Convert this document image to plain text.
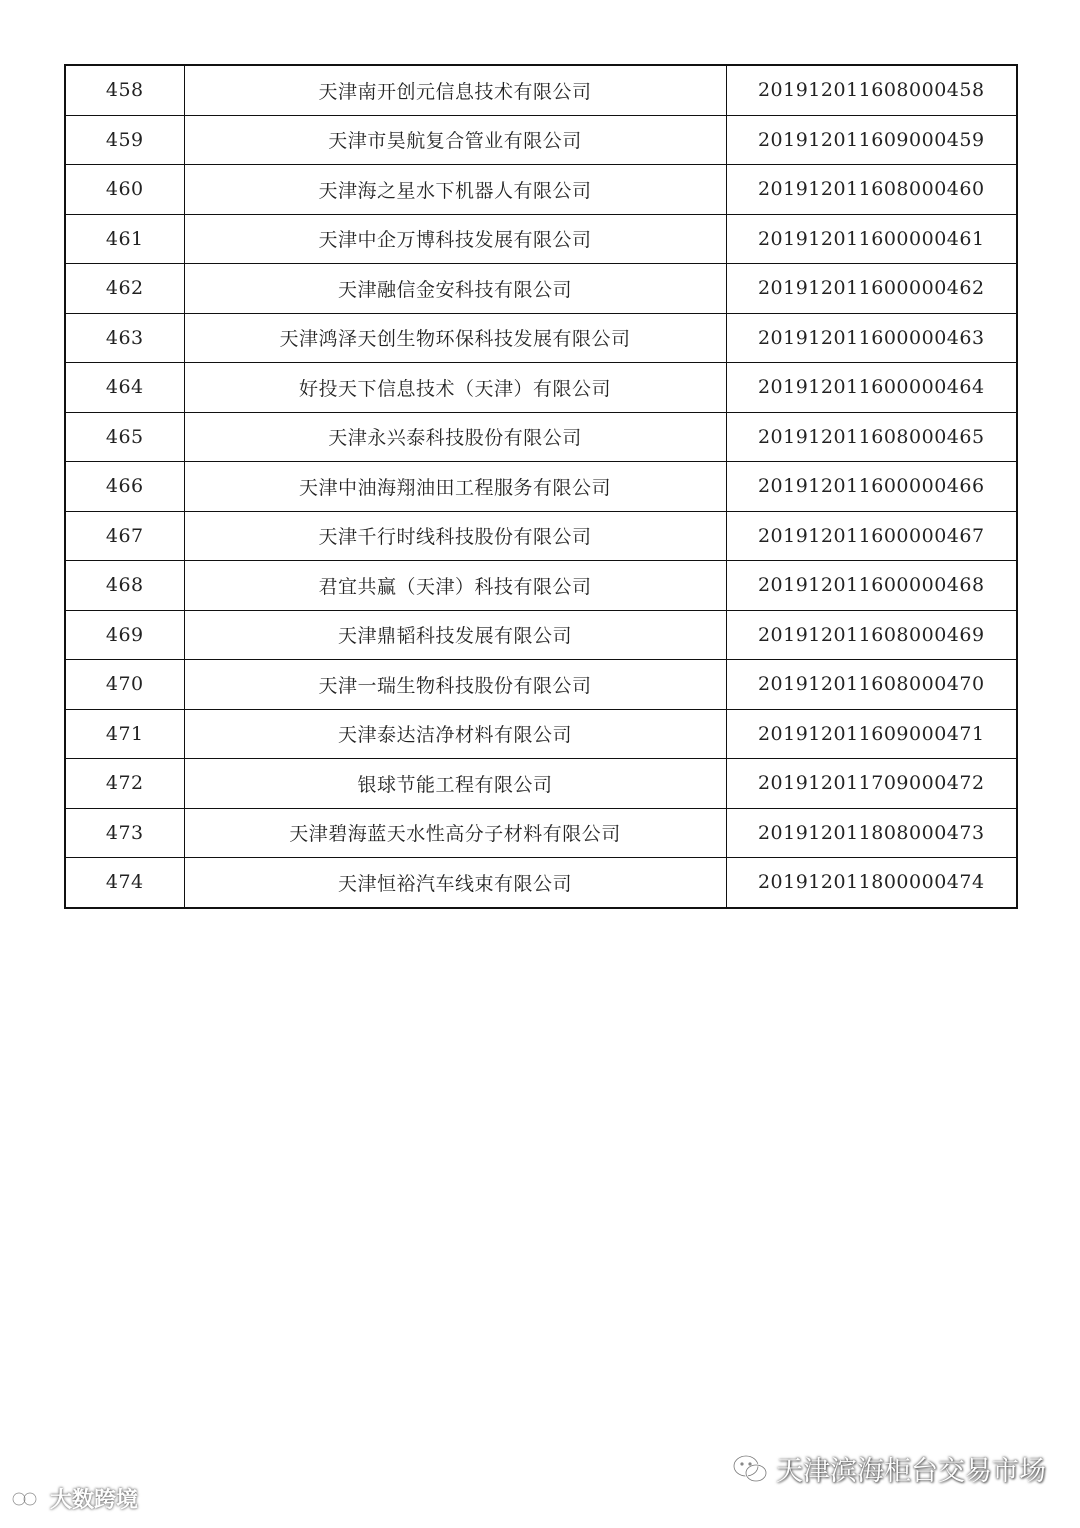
458	天津南开创元信息技术有限公司	201912011608000458
459	天津市昊航复合管业有限公司	201912011609000459
460	天津海之星水下机器人有限公司	201912011608000460
461	天津中企万博科技发展有限公司	201912011600000461
462	天津融信金安科技有限公司	201912011600000462
463	天津鸿泽天创生物环保科技发展有限公司	201912011600000463
464	好投天下信息技术（天津）有限公司	201912011600000464
465	天津永兴泰科技股份有限公司	201912011608000465
466	天津中油海翔油田工程服务有限公司	201912011600000466
467	天津千行时线科技股份有限公司	201912011600000467
468	君宜共赢（天津）科技有限公司	201912011600000468
469	天津鼎韬科技发展有限公司	201912011608000469
470	天津一瑞生物科技股份有限公司	201912011608000470
471	天津泰达洁净材料有限公司	201912011609000471
472	银球节能工程有限公司	201912011709000472
473	天津碧海蓝天水性高分子材料有限公司	201912011808000473
474	天津恒裕汽车线束有限公司	201912011800000474
天津滨海柜台交易市场
大数跨境
